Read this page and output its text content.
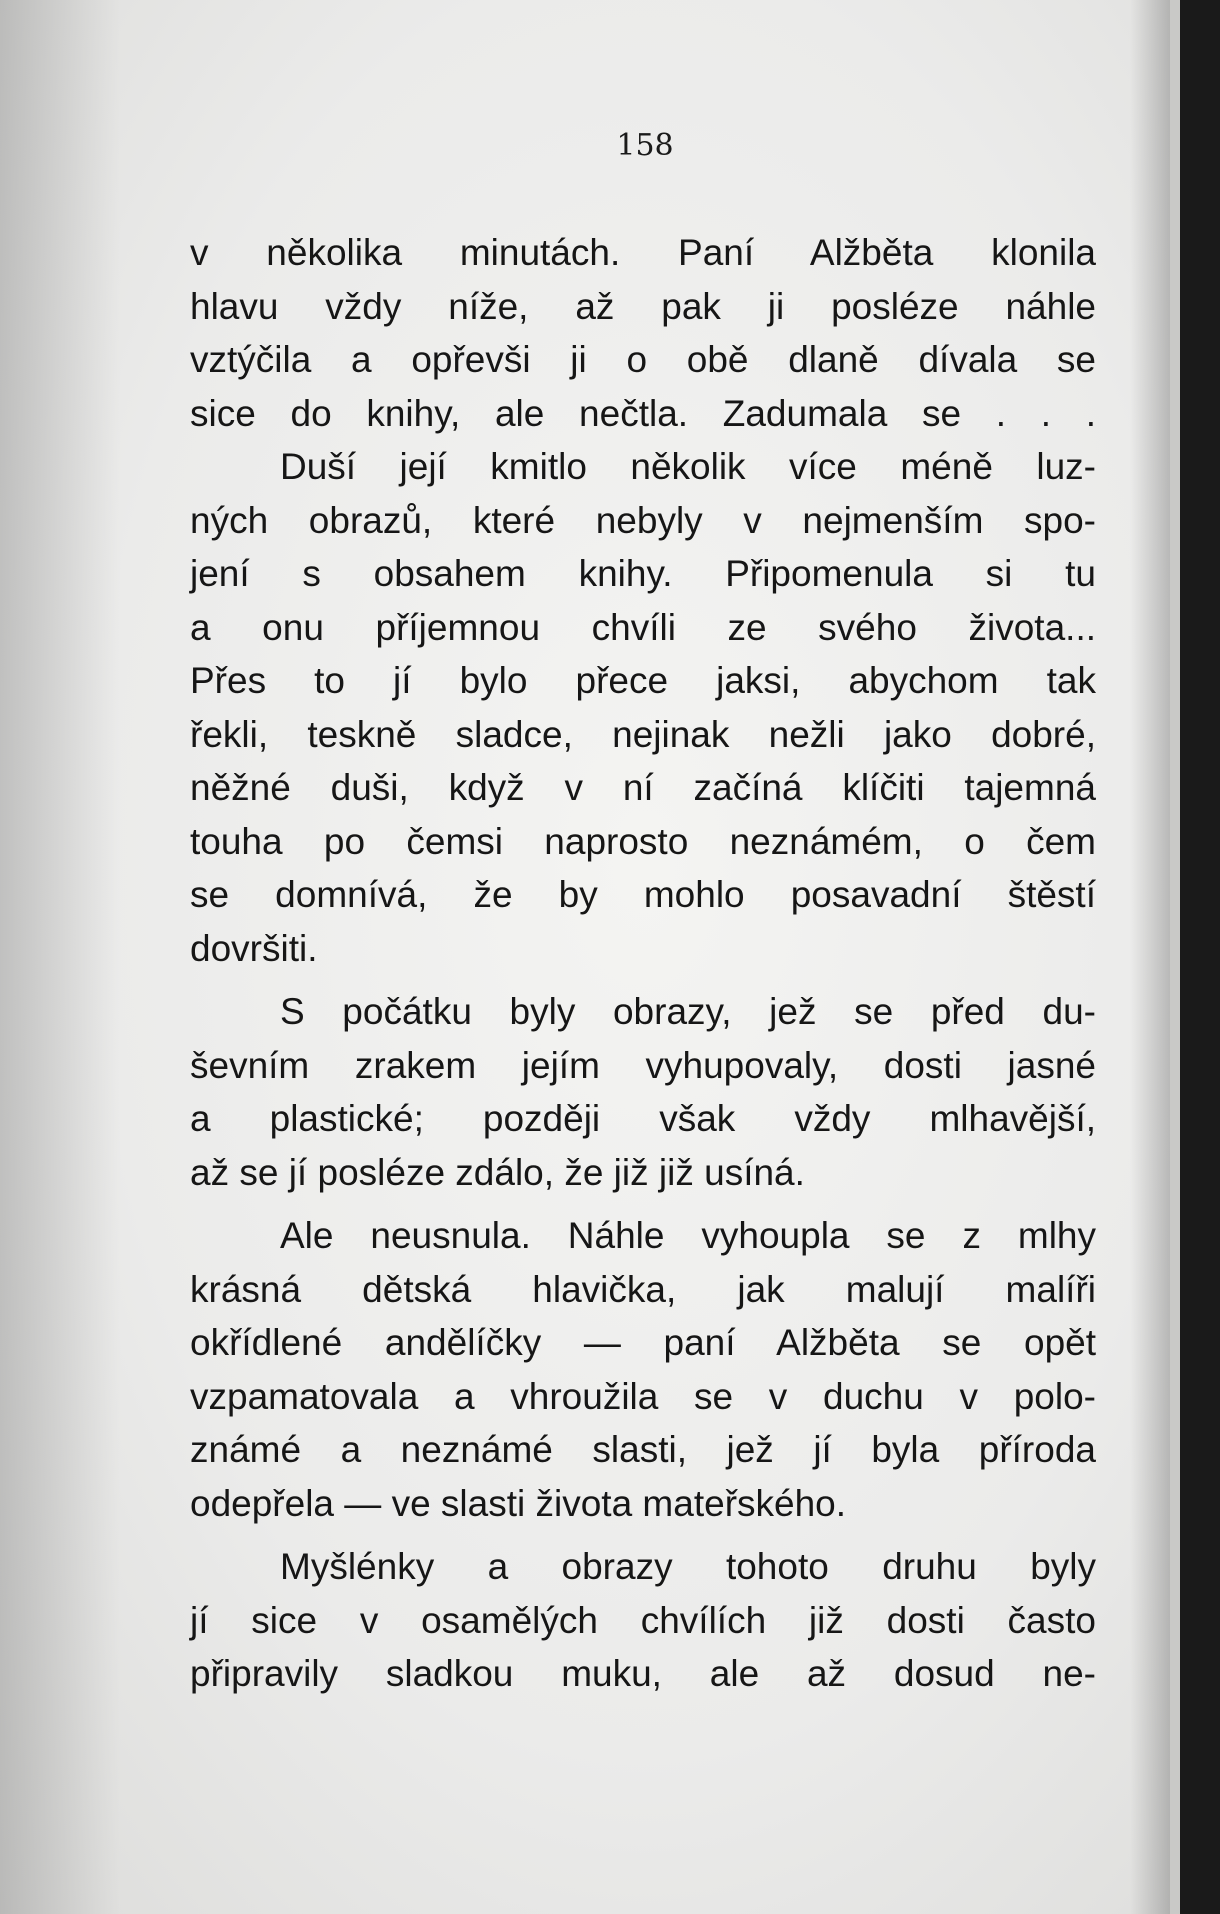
158
v několika minutách. Paní Alžběta klonila
hlavu vždy níže, až pak ji posléze náhle
vztýčila a opřevši ji o obě dlaně dívala se
sice do knihy, ale nečtla. Zadumala se . . .
Duší její kmitlo několik více méně luz-
ných obrazů, které nebyly v nejmenším spo-
jení s obsahem knihy. Připomenula si tu
a onu příjemnou chvíli ze svého života...
Přes to jí bylo přece jaksi, abychom tak
řekli, teskně sladce, nejinak nežli jako dobré,
něžné duši, když v ní začíná klíčiti tajemná
touha po čemsi naprosto neznámém, o čem
se domnívá, že by mohlo posavadní štěstí
dovršiti.
S počátku byly obrazy, jež se před du-
ševním zrakem jejím vyhupovaly, dosti jasné
a plastické; později však vždy mlhavější,
až se jí posléze zdálo, že již již usíná.
Ale neusnula. Náhle vyhoupla se z mlhy
krásná dětská hlavička, jak malují malíři
okřídlené andělíčky — paní Alžběta se opět
vzpamatovala a vhroužila se v duchu v polo-
známé a neznámé slasti, jež jí byla příroda
odepřela — ve slasti života mateřského.
Myšlénky a obrazy tohoto druhu byly
jí sice v osamělých chvílích již dosti často
připravily sladkou muku, ale až dosud ne-
